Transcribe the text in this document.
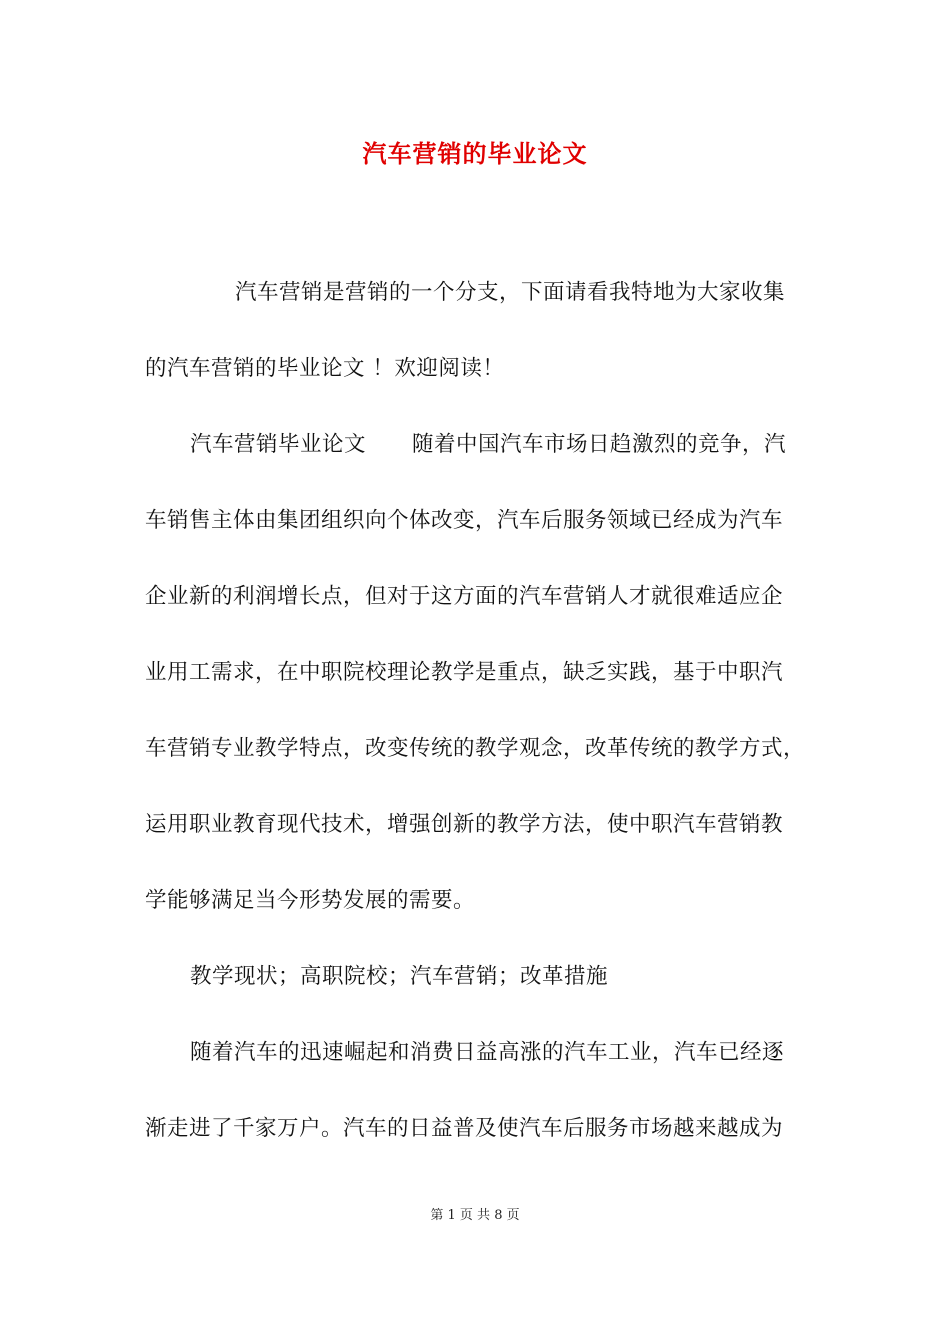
汽车营销的毕业论文
汽车营销是营销的一个分支，下面请看我特地为大家收集
的汽车营销的毕业论文 ！欢迎阅读！
汽车营销毕业论文 随着中国汽车市场日趋激烈的竞争，汽
车销售主体由集团组织向个体改变，汽车后服务领域已经成为汽车
企业新的利润增长点，但对于这方面的汽车营销人才就很难适应企
业用工需求，在中职院校理论教学是重点，缺乏实践，基于中职汽
车营销专业教学特点，改变传统的教学观念，改革传统的教学方式，
运用职业教育现代技术，增强创新的教学方法，使中职汽车营销教
学能够满足当今形势发展的需要。
教学现状；高职院校；汽车营销；改革措施
随着汽车的迅速崛起和消费日益高涨的汽车工业，汽车已经逐
渐走进了千家万户。汽车的日益普及使汽车后服务市场越来越成为
第 1 页 共 8 页
